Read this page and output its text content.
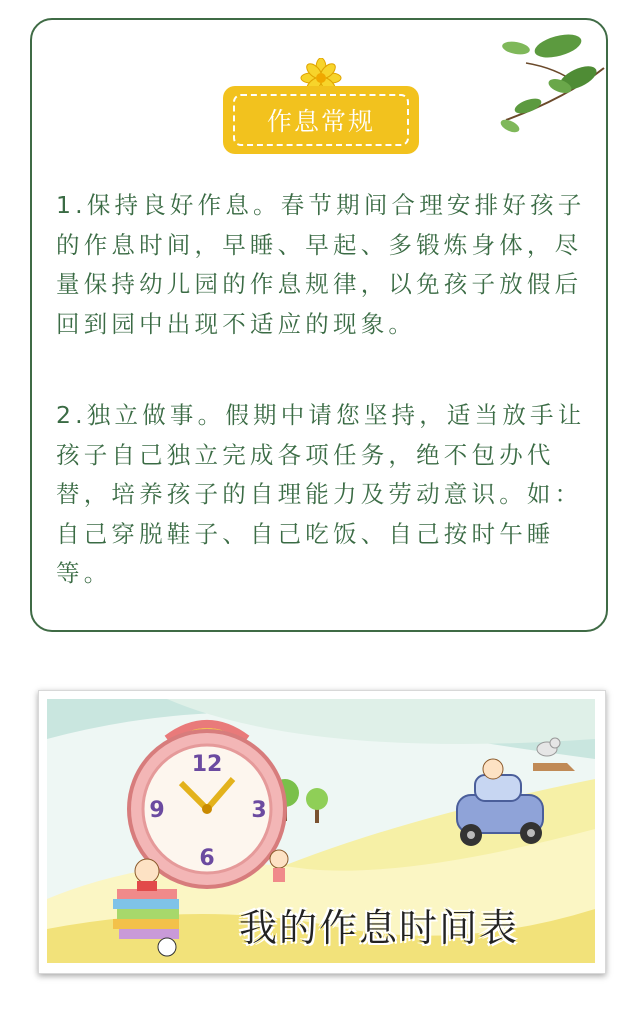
作息常规

1.保持良好作息。春节期间合理安排好孩子的作息时间，早睡、早起、多锻炼身体，尽量保持幼儿园的作息规律，以免孩子放假后回到园中出现不适应的现象。

2.独立做事。假期中请您坚持，适当放手让孩子自己独立完成各项任务，绝不包办代替，培养孩子的自理能力及劳动意识。如：自己穿脱鞋子、自己吃饭、自己按时午睡等。

12
3
6
9
我的作息时间表
